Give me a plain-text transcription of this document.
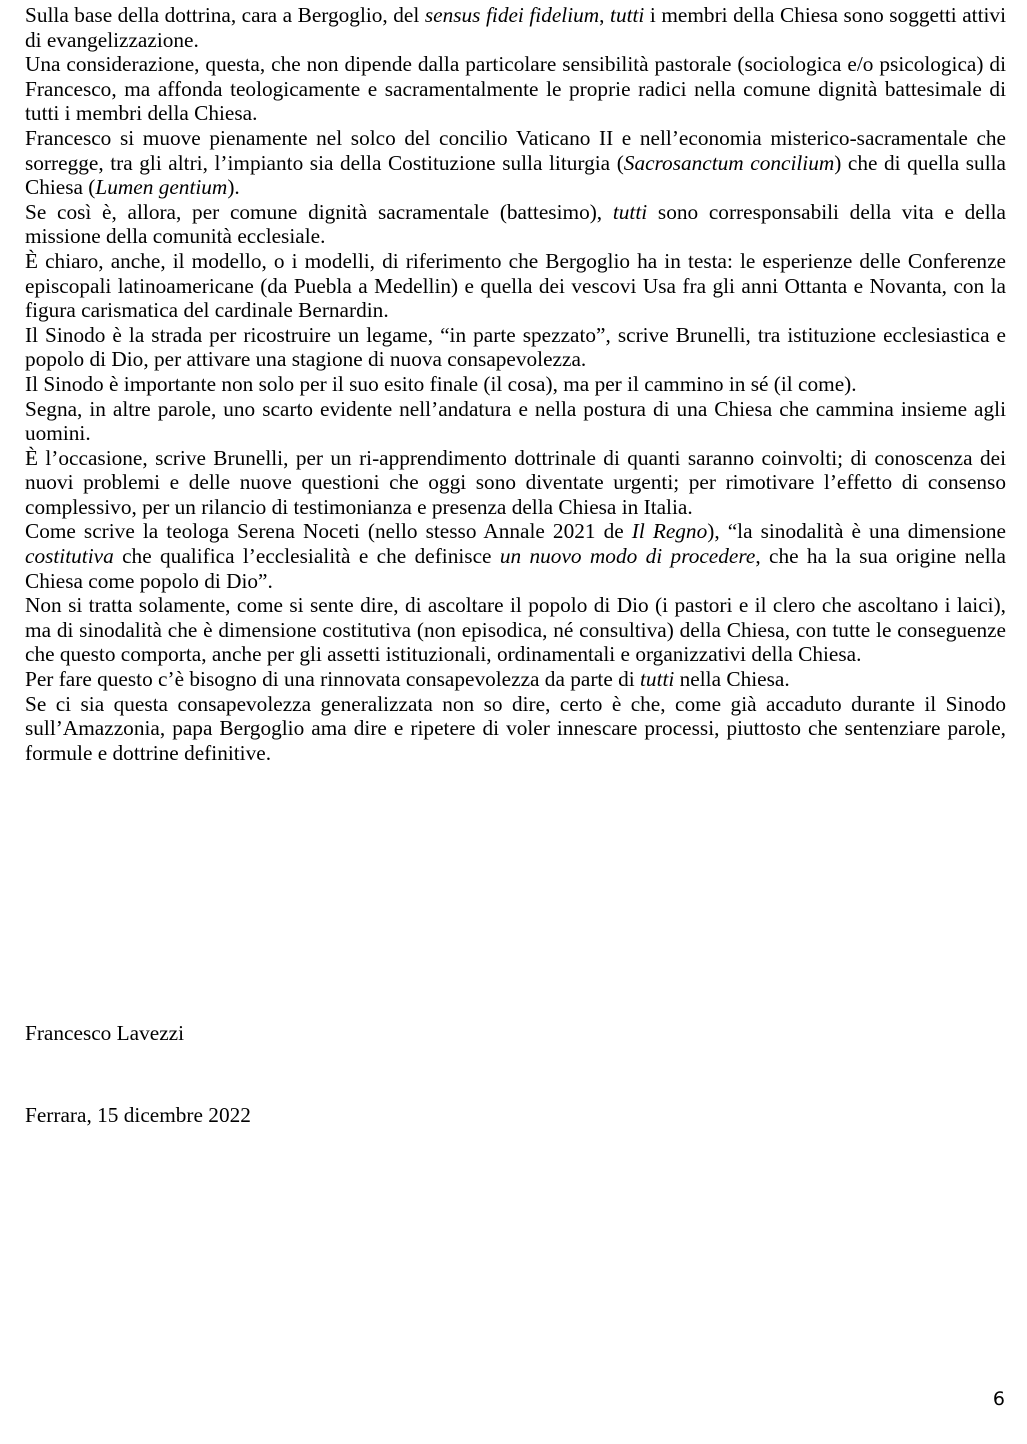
Sulla base della dottrina, cara a Bergoglio, del sensus fidei fidelium, tutti i membri della Chiesa sono soggetti attivi di evangelizzazione.

Una considerazione, questa, che non dipende dalla particolare sensibilità pastorale (sociologica e/o psicologica) di Francesco, ma affonda teologicamente e sacramentalmente le proprie radici nella comune dignità battesimale di tutti i membri della Chiesa.

Francesco si muove pienamente nel solco del concilio Vaticano II e nell’economia misterico-sacramentale che sorregge, tra gli altri, l’impianto sia della Costituzione sulla liturgia (Sacrosanctum concilium) che di quella sulla Chiesa (Lumen gentium).

Se così è, allora, per comune dignità sacramentale (battesimo), tutti sono corresponsabili della vita e della missione della comunità ecclesiale.

È chiaro, anche, il modello, o i modelli, di riferimento che Bergoglio ha in testa: le esperienze delle Conferenze episcopali latinoamericane (da Puebla a Medellin) e quella dei vescovi Usa fra gli anni Ottanta e Novanta, con la figura carismatica del cardinale Bernardin.

Il Sinodo è la strada per ricostruire un legame, “in parte spezzato”, scrive Brunelli, tra istituzione ecclesiastica e popolo di Dio, per attivare una stagione di nuova consapevolezza.

Il Sinodo è importante non solo per il suo esito finale (il cosa), ma per il cammino in sé (il come).

Segna, in altre parole, uno scarto evidente nell’andatura e nella postura di una Chiesa che cammina insieme agli uomini.

È l’occasione, scrive Brunelli, per un ri-apprendimento dottrinale di quanti saranno coinvolti; di conoscenza dei nuovi problemi e delle nuove questioni che oggi sono diventate urgenti; per rimotivare l’effetto di consenso complessivo, per un rilancio di testimonianza e presenza della Chiesa in Italia.

Come scrive la teologa Serena Noceti (nello stesso Annale 2021 de Il Regno), “la sinodalità è una dimensione costitutiva che qualifica l’ecclesialità e che definisce un nuovo modo di procedere, che ha la sua origine nella Chiesa come popolo di Dio”.

Non si tratta solamente, come si sente dire, di ascoltare il popolo di Dio (i pastori e il clero che ascoltano i laici), ma di sinodalità che è dimensione costitutiva (non episodica, né consultiva) della Chiesa, con tutte le conseguenze che questo comporta, anche per gli assetti istituzionali, ordinamentali e organizzativi della Chiesa.

Per fare questo c’è bisogno di una rinnovata consapevolezza da parte di tutti nella Chiesa.

Se ci sia questa consapevolezza generalizzata non so dire, certo è che, come già accaduto durante il Sinodo sull’Amazzonia, papa Bergoglio ama dire e ripetere di voler innescare processi, piuttosto che sentenziare parole, formule e dottrine definitive.

Francesco Lavezzi

Ferrara, 15 dicembre 2022

6
